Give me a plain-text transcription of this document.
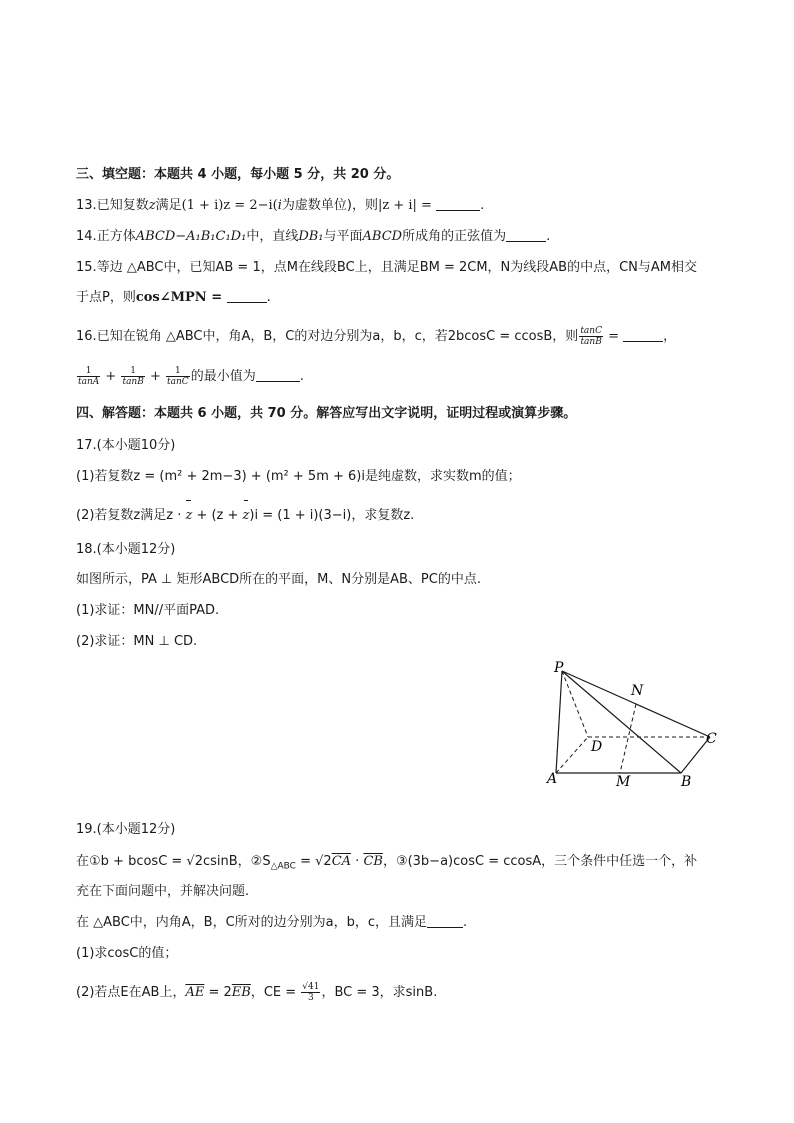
三、填空题：本题共 4 小题，每小题 5 分，共 20 分。
13.已知复数z满足(1 + i)z = 2−i(i为虚数单位)，则|z + i| =	.
14.正方体ABCD−A₁B₁C₁D₁中，直线DB₁与平面ABCD所成角的正弦值为	.
15.等边 △ABC中，已知AB = 1，点M在线段BC上，且满足BM = 2CM，N为线段AB的中点，CN与AM相交
于点P，则cos∠MPN =	.
16.已知在锐角 △ABC中，角A，B，C的对边分别为a，b，c，若2bcosC = ccosB，则 $\frac{\tan C}{\tan B}$ =	，
$\frac{1}{\tan A} + \frac{1}{\tan B} + \frac{1}{\tan C}$ 的最小值为	.
四、解答题：本题共 6 小题，共 70 分。解答应写出文字说明，证明过程或演算步骤。
17.(本小题10分)
(1)若复数z = (m² + 2m−3) + (m² + 5m + 6)i是纯虚数，求实数m的值；
(2)若复数z满足z · z + (z + z)i = (1 + i)(3−i)，求复数z.
18.(本小题12分)
如图所示，PA ⊥ 矩形ABCD所在的平面，M、N分别是AB、PC的中点.
(1)求证：MN//平面PAD.
(2)求证：MN ⊥ CD.
P
N
D	C
A	M	B
19.(本小题12分)
在①b + bcosC = √2csinB，$②S_{\triangle ABC} = √2\overline{CA} \cdot \overline{CB}$，③(3b−a)cosC = ccosA，三个条件中任选一个，补
充在下面问题中，并解决问题.
在 △ABC中，内角A，B，C所对的边分别为a，b，c，且满足	.
(1)求cosC的值；
(2)若点E在AB上，$\overline{AE} = 2\overline{EB}$，CE = $\frac{√41}{3}$ ，BC = 3，求sinB.
